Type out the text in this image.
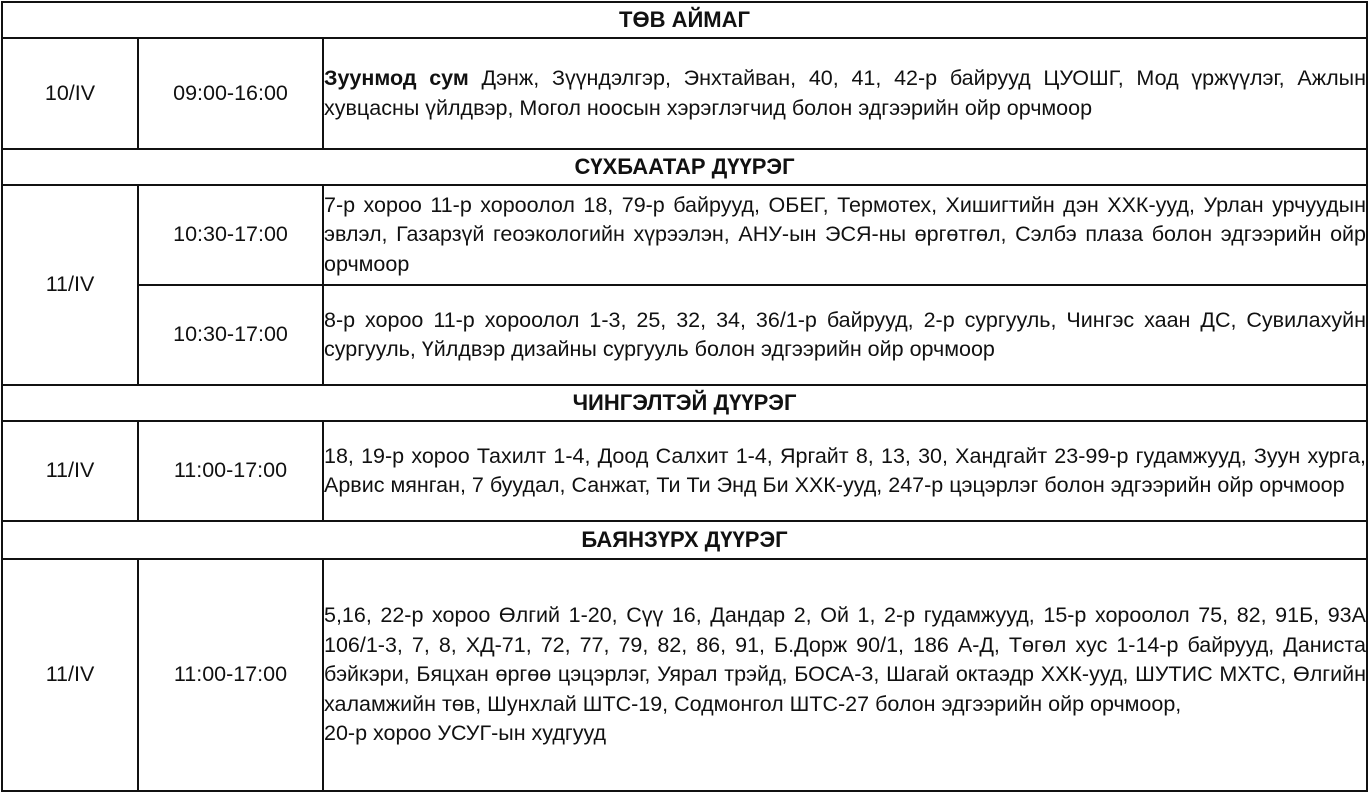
ТӨВ АЙМАГ		
10/IV	09:00-16:00	Зуунмод сум Дэнж, Зүүндэлгэр, Энхтайван, 40, 41, 42-р байрууд ЦУОШГ, Мод үржүүлэг, Ажлын хувцасны үйлдвэр, Могол ноосын хэрэглэгчид болон эдгээрийн ойр орчмоор
СҮХБААТАР ДҮҮРЭГ		
11/IV	10:30-17:00	7-р хороо 11-р хороолол 18, 79-р байрууд, ОБЕГ, Термотех, Хишигтийн дэн ХХК-ууд, Урлан урчуудын эвлэл, Газарзүй геоэкологийн хүрээлэн, АНУ-ын ЭСЯ-ны өргөтгөл, Сэлбэ плаза болон эдгээрийн ойр орчмоор
	10:30-17:00	8-р хороо 11-р хороолол 1-3, 25, 32, 34, 36/1-р байрууд, 2-р сургууль, Чингэс хаан ДС, Сувилахуйн сургууль, Үйлдвэр дизайны сургууль болон эдгээрийн ойр орчмоор
ЧИНГЭЛТЭЙ ДҮҮРЭГ		
11/IV	11:00-17:00	18, 19-р хороо Тахилт 1-4, Доод Салхит 1-4, Яргайт 8, 13, 30, Хандгайт 23-99-р гудамжууд, Зуун хурга, Арвис мянган, 7 буудал, Санжат, Ти Ти Энд Би ХХК-ууд, 247-р цэцэрлэг болон эдгээрийн ойр орчмоор
БАЯНЗҮРХ ДҮҮРЭГ		
11/IV	11:00-17:00	5,16, 22-р хороо Өлгий 1-20, Сүү 16, Дандар 2, Ой 1, 2-р гудамжууд, 15-р хороолол 75, 82, 91Б, 93А 106/1-3, 7, 8, ХД-71, 72, 77, 79, 82, 86, 91, Б.Дорж 90/1, 186 А-Д, Төгөл хус 1-14-р байрууд, Даниста бэйкэри, Бяцхан өргөө цэцэрлэг, Уярал трэйд, БОСА-3, Шагай октаэдр ХХК-ууд, ШУТИС МХТС, Өлгийн халамжийн төв, Шунхлай ШТС-19, Содмонгол ШТС-27 болон эдгээрийн ойр орчмоор,
20-р хороо УСУГ-ын худгууд
